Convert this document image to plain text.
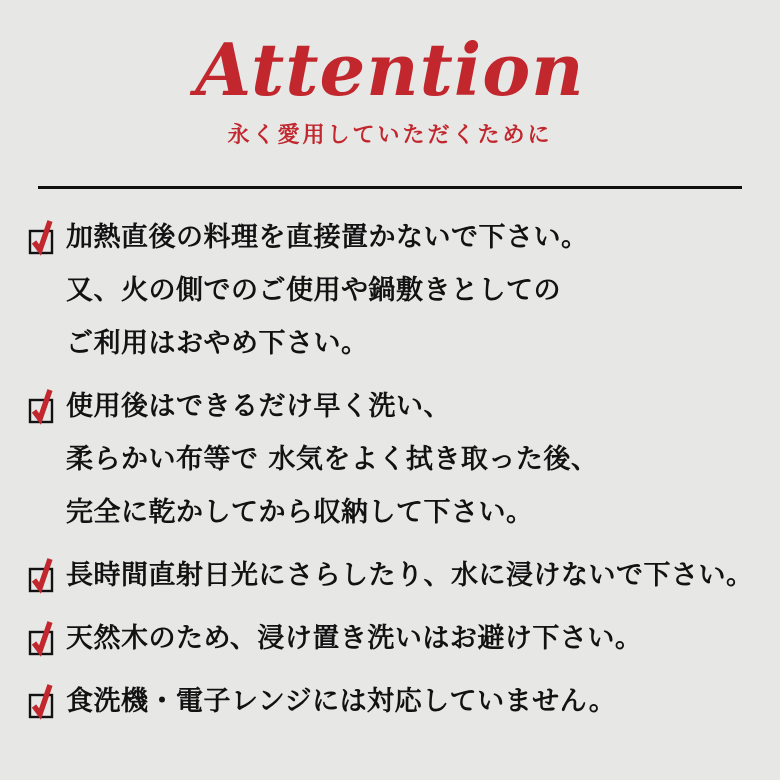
Attention

永く愛用していただくために

加熱直後の料理を直接置かないで下さい。

又、火の側でのご使用や鍋敷きとしての

ご利用はおやめ下さい。

使用後はできるだけ早く洗い、

柔らかい布等で 水気をよく拭き取った後、

完全に乾かしてから収納して下さい。

長時間直射日光にさらしたり、水に浸けないで下さい。

天然木のため、浸け置き洗いはお避け下さい。

食洗機・電子レンジには対応していません。
